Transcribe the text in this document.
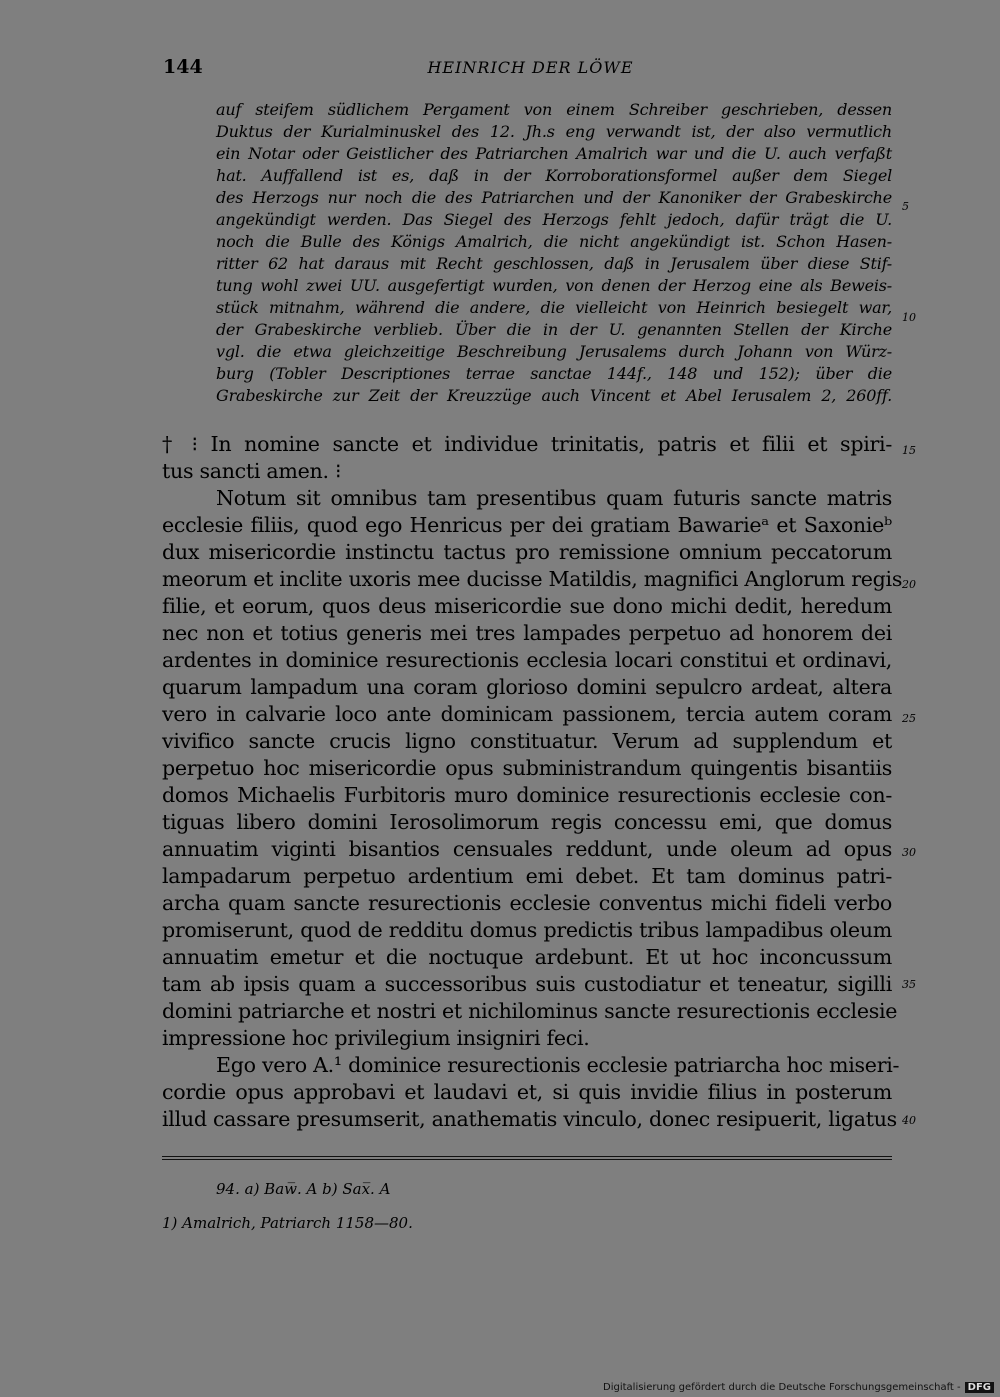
144	HEINRICH DER LÖWE
auf steifem südlichem Pergament von einem Schreiber geschrieben, dessen
Duktus der Kurialminuskel des 12. Jh.s eng verwandt ist, der also vermutlich
ein Notar oder Geistlicher des Patriarchen Amalrich war und die U. auch verfaßt
hat. Auffallend ist es, daß in der Korroborationsformel außer dem Siegel
des Herzogs nur noch die des Patriarchen und der Kanoniker der Grabeskirche
angekündigt werden. Das Siegel des Herzogs fehlt jedoch, dafür trägt die U.
noch die Bulle des Königs Amalrich, die nicht angekündigt ist. Schon Hasen-
ritter 62 hat daraus mit Recht geschlossen, daß in Jerusalem über diese Stif-
tung wohl zwei UU. ausgefertigt wurden, von denen der Herzog eine als Beweis-
stück mitnahm, während die andere, die vielleicht von Heinrich besiegelt war,
der Grabeskirche verblieb. Über die in der U. genannten Stellen der Kirche
vgl. die etwa gleichzeitige Beschreibung Jerusalems durch Johann von Würz-
burg (Tobler Descriptiones terrae sanctae 144f., 148 und 152); über die
Grabeskirche zur Zeit der Kreuzzüge auch Vincent et Abel Ierusalem 2, 260ff.
† ⁝ In nomine sancte et individue trinitatis, patris et filii et spiri-
tus sancti amen. ⁝
Notum sit omnibus tam presentibus quam futuris sancte matris
ecclesie filiis, quod ego Henricus per dei gratiam Bawarieᵃ et Saxonieᵇ
dux misericordie instinctu tactus pro remissione omnium peccatorum
meorum et inclite uxoris mee ducisse Matildis, magnifici Anglorum regis
filie, et eorum, quos deus misericordie sue dono michi dedit, heredum
nec non et totius generis mei tres lampades perpetuo ad honorem dei
ardentes in dominice resurectionis ecclesia locari constitui et ordinavi,
quarum lampadum una coram glorioso domini sepulcro ardeat, altera
vero in calvarie loco ante dominicam passionem, tercia autem coram
vivifico sancte crucis ligno constituatur. Verum ad supplendum et
perpetuo hoc misericordie opus subministrandum quingentis bisantiis
domos Michaelis Furbitoris muro dominice resurectionis ecclesie con-
tiguas libero domini Ierosolimorum regis concessu emi, que domus
annuatim viginti bisantios censuales reddunt, unde oleum ad opus
lampadarum perpetuo ardentium emi debet. Et tam dominus patri-
archa quam sancte resurectionis ecclesie conventus michi fideli verbo
promiserunt, quod de redditu domus predictis tribus lampadibus oleum
annuatim emetur et die noctuque ardebunt. Et ut hoc inconcussum
tam ab ipsis quam a successoribus suis custodiatur et teneatur, sigilli
domini patriarche et nostri et nichilominus sancte resurectionis ecclesie
impressione hoc privilegium insigniri feci.
Ego vero A.¹ dominice resurectionis ecclesie patriarcha hoc miseri-
cordie opus approbavi et laudavi et, si quis invidie filius in posterum
illud cassare presumserit, anathematis vinculo, donec resipuerit, ligatus
5
10
15
20
25
30
35
40
94. a) Baw̅. A b) Sax̅. A
1) Amalrich, Patriarch 1158—80.
Digitalisierung gefördert durch die Deutsche Forschungsgemeinschaft - DFG
